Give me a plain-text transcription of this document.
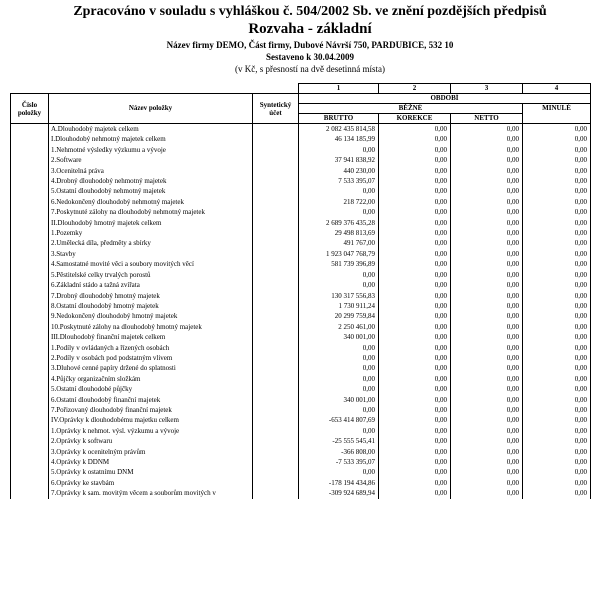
Zpracováno v souladu s vyhláškou č. 504/2002 Sb. ve znění pozdějších předpisů
Rozvaha - základní
Název firmy DEMO, Část firmy, Dubové Návrší 750, PARDUBICE, 532 10
Sestaveno k 30.04.2009
(v Kč, s přesností na dvě desetinná místa)
			1	2	3	4
Číslo položky	Název položky	Syntetický účet	OBDOBÍ			
			BĚŽNÉ			MINULÉ
			BRUTTO	KOREKCE	NETTO	
	A.Dlouhodobý majetek celkem		2 082 435 814,58	0,00	0,00	0,00
	I.Dlouhodobý nehmotný majetek celkem		46 134 185,99	0,00	0,00	0,00
	1.Nehmotné výsledky výzkumu a vývoje		0,00	0,00	0,00	0,00
	2.Software		37 941 838,92	0,00	0,00	0,00
	3.Ocenitelná práva		440 230,00	0,00	0,00	0,00
	4.Drobný dlouhodobý nehmotný majetek		7 533 395,07	0,00	0,00	0,00
	5.Ostatní dlouhodobý nehmotný majetek		0,00	0,00	0,00	0,00
	6.Nedokončený dlouhodobý nehmotný majetek		218 722,00	0,00	0,00	0,00
	7.Poskytnuté zálohy na dlouhodobý nehmotný majetek		0,00	0,00	0,00	0,00
	II.Dlouhodobý hmotný majetek celkem		2 689 376 435,28	0,00	0,00	0,00
	1.Pozemky		29 498 813,69	0,00	0,00	0,00
	2.Umělecká díla, předměty a sbírky		491 767,00	0,00	0,00	0,00
	3.Stavby		1 923 047 768,79	0,00	0,00	0,00
	4.Samostatné movité věci a soubory movitých věcí		581 739 396,89	0,00	0,00	0,00
	5.Pěstitelské celky trvalých porostů		0,00	0,00	0,00	0,00
	6.Základní stádo a tažná zvířata		0,00	0,00	0,00	0,00
	7.Drobný dlouhodobý hmotný majetek		130 317 556,83	0,00	0,00	0,00
	8.Ostatní dlouhodobý hmotný majetek		1 730 911,24	0,00	0,00	0,00
	9.Nedokončený dlouhodobý hmotný majetek		20 299 759,84	0,00	0,00	0,00
	10.Poskytnuté zálohy na dlouhodobý hmotný majetek		2 250 461,00	0,00	0,00	0,00
	III.Dlouhodobý finanční majetek celkem		340 001,00	0,00	0,00	0,00
	1.Podíly v ovládaných a řízených osobách		0,00	0,00	0,00	0,00
	2.Podíly v osobách pod podstatným vlivem		0,00	0,00	0,00	0,00
	3.Dluhové cenné papíry držené do splatnosti		0,00	0,00	0,00	0,00
	4.Půjčky organizačním složkám		0,00	0,00	0,00	0,00
	5.Ostatní dlouhodobé půjčky		0,00	0,00	0,00	0,00
	6.Ostatní dlouhodobý finanční majetek		340 001,00	0,00	0,00	0,00
	7.Pořizovaný dlouhodobý finanční majetek		0,00	0,00	0,00	0,00
	IV.Oprávky k dlouhodobému majetku celkem		-653 414 807,69	0,00	0,00	0,00
	1.Oprávky k nehmot. výsl. výzkumu a vývoje		0,00	0,00	0,00	0,00
	2.Oprávky k softwaru		-25 555 545,41	0,00	0,00	0,00
	3.Oprávky k ocenitelným právům		-366 808,00	0,00	0,00	0,00
	4.Oprávky k DDNM		-7 533 395,07	0,00	0,00	0,00
	5.Oprávky k ostatnímu DNM		0,00	0,00	0,00	0,00
	6.Oprávky ke stavbám		-178 194 434,86	0,00	0,00	0,00
	7.Oprávky k sam. movitým věcem a souborům movitých v		-309 924 689,94	0,00	0,00	0,00
